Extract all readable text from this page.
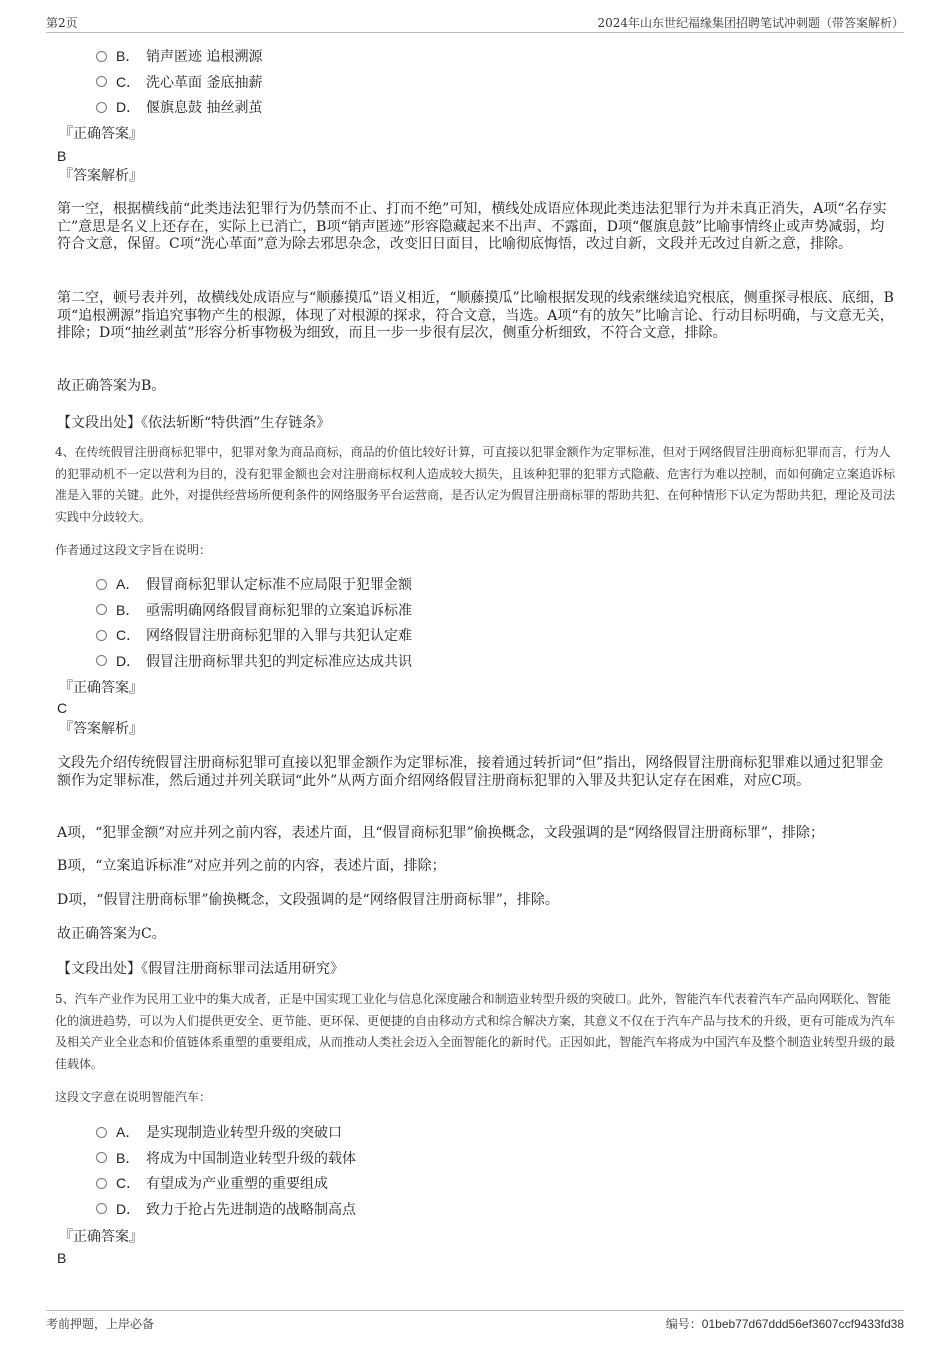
第2页	2024年山东世纪福缘集团招聘笔试冲刺题（带答案解析）
B． 销声匿迹 追根溯源
C． 洗心革面 釜底抽薪
D． 偃旗息鼓 抽丝剥茧
『正确答案』
B
『答案解析』
第一空，根据横线前“此类违法犯罪行为仍禁而不止、打而不绝”可知，横线处成语应体现此类违法犯罪行为并未真正消失，A项“名存实亡”意思是名义上还存在，实际上已消亡，B项“销声匿迹”形容隐藏起来不出声、不露面，D项“偃旗息鼓”比喻事情终止或声势减弱，均符合文意，保留。C项“洗心革面”意为除去邪思杂念，改变旧日面目，比喻彻底悔悟，改过自新，文段并无改过自新之意，排除。
第二空，顿号表并列，故横线处成语应与“顺藤摸瓜”语义相近，“顺藤摸瓜”比喻根据发现的线索继续追究根底，侧重探寻根底、底细，B项“追根溯源”指追究事物产生的根源，体现了对根源的探求，符合文意，当选。A项“有的放矢”比喻言论、行动目标明确，与文意无关，排除；D项“抽丝剥茧”形容分析事物极为细致，而且一步一步很有层次，侧重分析细致，不符合文意，排除。
故正确答案为B。
【文段出处】《依法斩断“特供酒”生存链条》
4、在传统假冒注册商标犯罪中，犯罪对象为商品商标，商品的价值比较好计算，可直接以犯罪金额作为定罪标准，但对于网络假冒注册商标犯罪而言，行为人的犯罪动机不一定以营利为目的，没有犯罪金额也会对注册商标权利人造成较大损失，且该种犯罪的犯罪方式隐蔽、危害行为难以控制，而如何确定立案追诉标准是入罪的关键。此外，对提供经营场所便利条件的网络服务平台运营商，是否认定为假冒注册商标罪的帮助共犯、在何种情形下认定为帮助共犯，理论及司法实践中分歧较大。
作者通过这段文字旨在说明：
A． 假冒商标犯罪认定标准不应局限于犯罪金额
B． 亟需明确网络假冒商标犯罪的立案追诉标准
C． 网络假冒注册商标犯罪的入罪与共犯认定难
D． 假冒注册商标罪共犯的判定标准应达成共识
『正确答案』
C
『答案解析』
文段先介绍传统假冒注册商标犯罪可直接以犯罪金额作为定罪标准，接着通过转折词“但”指出，网络假冒注册商标犯罪难以通过犯罪金额作为定罪标准，然后通过并列关联词“此外”从两方面介绍网络假冒注册商标犯罪的入罪及共犯认定存在困难，对应C项。
A项，“犯罪金额”对应并列之前内容，表述片面，且“假冒商标犯罪”偷换概念，文段强调的是“网络假冒注册商标罪”，排除；
B项，“立案追诉标准”对应并列之前的内容，表述片面，排除；
D项，“假冒注册商标罪”偷换概念，文段强调的是“网络假冒注册商标罪”，排除。
故正确答案为C。
【文段出处】《假冒注册商标罪司法适用研究》
5、汽车产业作为民用工业中的集大成者，正是中国实现工业化与信息化深度融合和制造业转型升级的突破口。此外，智能汽车代表着汽车产品向网联化、智能化的演进趋势，可以为人们提供更安全、更节能、更环保、更便捷的自由移动方式和综合解决方案，其意义不仅在于汽车产品与技术的升级，更有可能成为汽车及相关产业全业态和价值链体系重塑的重要组成，从而推动人类社会迈入全面智能化的新时代。正因如此，智能汽车将成为中国汽车及整个制造业转型升级的最佳载体。
这段文字意在说明智能汽车：
A． 是实现制造业转型升级的突破口
B． 将成为中国制造业转型升级的载体
C． 有望成为产业重塑的重要组成
D． 致力于抢占先进制造的战略制高点
『正确答案』
B
考前押题，上岸必备	编号：01beb77d67ddd56ef3607ccf9433fd38
